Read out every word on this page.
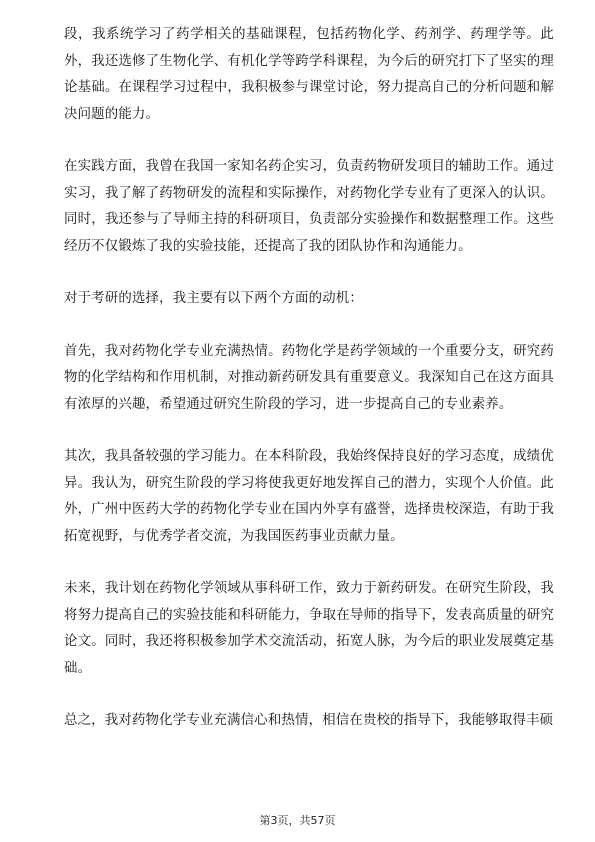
段，我系统学习了药学相关的基础课程，包括药物化学、药剂学、药理学等。此外，我还选修了生物化学、有机化学等跨学科课程，为今后的研究打下了坚实的理论基础。在课程学习过程中，我积极参与课堂讨论，努力提高自己的分析问题和解决问题的能力。

在实践方面，我曾在我国一家知名药企实习，负责药物研发项目的辅助工作。通过实习，我了解了药物研发的流程和实际操作，对药物化学专业有了更深入的认识。同时，我还参与了导师主持的科研项目，负责部分实验操作和数据整理工作。这些经历不仅锻炼了我的实验技能，还提高了我的团队协作和沟通能力。

对于考研的选择，我主要有以下两个方面的动机：

首先，我对药物化学专业充满热情。药物化学是药学领域的一个重要分支，研究药物的化学结构和作用机制，对推动新药研发具有重要意义。我深知自己在这方面具有浓厚的兴趣，希望通过研究生阶段的学习，进一步提高自己的专业素养。

其次，我具备较强的学习能力。在本科阶段，我始终保持良好的学习态度，成绩优异。我认为，研究生阶段的学习将使我更好地发挥自己的潜力，实现个人价值。此外，广州中医药大学的药物化学专业在国内外享有盛誉，选择贵校深造，有助于我拓宽视野，与优秀学者交流，为我国医药事业贡献力量。

未来，我计划在药物化学领域从事科研工作，致力于新药研发。在研究生阶段，我将努力提高自己的实验技能和科研能力，争取在导师的指导下，发表高质量的研究论文。同时，我还将积极参加学术交流活动，拓宽人脉，为今后的职业发展奠定基础。

总之，我对药物化学专业充满信心和热情，相信在贵校的指导下，我能够取得丰硕

第3页，共57页
